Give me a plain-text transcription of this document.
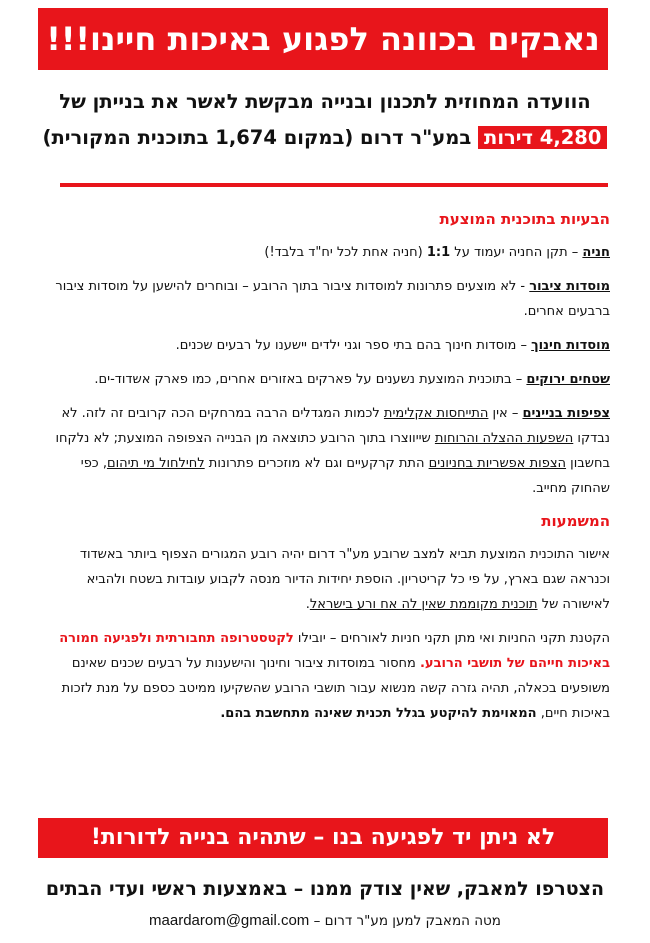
נאבקים בכוונה לפגוע באיכות חיינו!!!
הוועדה המחוזית לתכנון ובנייה מבקשת לאשר את בנייתן של
4,280 דירות במע"ר דרום (במקום 1,674 בתוכנית המקורית)
הבעיות בתוכנית המוצעת

חניה – תקן החניה יעמוד על 1:1 (חניה אחת לכל יח"ד בלבד!)

מוסדות ציבור - לא מוצעים פתרונות למוסדות ציבור בתוך הרובע – ובוחרים להישען על מוסדות ציבור ברבעים אחרים.

מוסדות חינוך – מוסדות חינוך בהם בתי ספר וגני ילדים יישענו על רבעים שכנים.

שטחים ירוקים – בתוכנית המוצעת נשענים על פארקים באזורים אחרים, כמו פארק אשדוד-ים.

צפיפות בניינים – אין התייחסות אקלימית לכמות המגדלים הרבה במרחקים הכה קרובים זה לזה. לא נבדקו השפעות ההצלה והרוחות שייווצרו בתוך הרובע כתוצאה מן הבנייה הצפופה המוצעת; לא נלקחו בחשבון הצפות אפשריות בחניונים התת קרקעיים וגם לא מוזכרים פתרונות לחילחול מי תיהום, כפי שהחוק מחייב.

המשמעות

אישור התוכנית המוצעת תביא למצב שרובע מע"ר דרום יהיה רובע המגורים הצפוף ביותר באשדוד וכנראה שגם בארץ, על פי כל קריטריון. הוספת יחידות הדיור מנסה לקבוע עובדות בשטח ולהביא לאישורה של תוכנית מקוממת שאין לה אח ורע בישראל.

הקטנת תקני החניות ואי מתן תקני חניות לאורחים – יובילו לקטסטרופה תחבורתית ולפגיעה חמורה באיכות חייהם של תושבי הרובע. מחסור במוסדות ציבור וחינוך והישענות על רבעים שכנים שאינם משופעים בכאלה, תהיה גזרה קשה מנשוא עבור תושבי הרובע שהשקיעו ממיטב כספם על מנת לזכות באיכות חיים, המאוימת להיקטע בגלל תכנית שאינה מתחשבת בהם.

לא ניתן יד לפגיעה בנו – שתהיה בנייה לדורות!
הצטרפו למאבק, שאין צודק ממנו – באמצעות ראשי ועדי הבתים
מטה המאבק למען מע"ר דרום – maardarom@gmail.com
